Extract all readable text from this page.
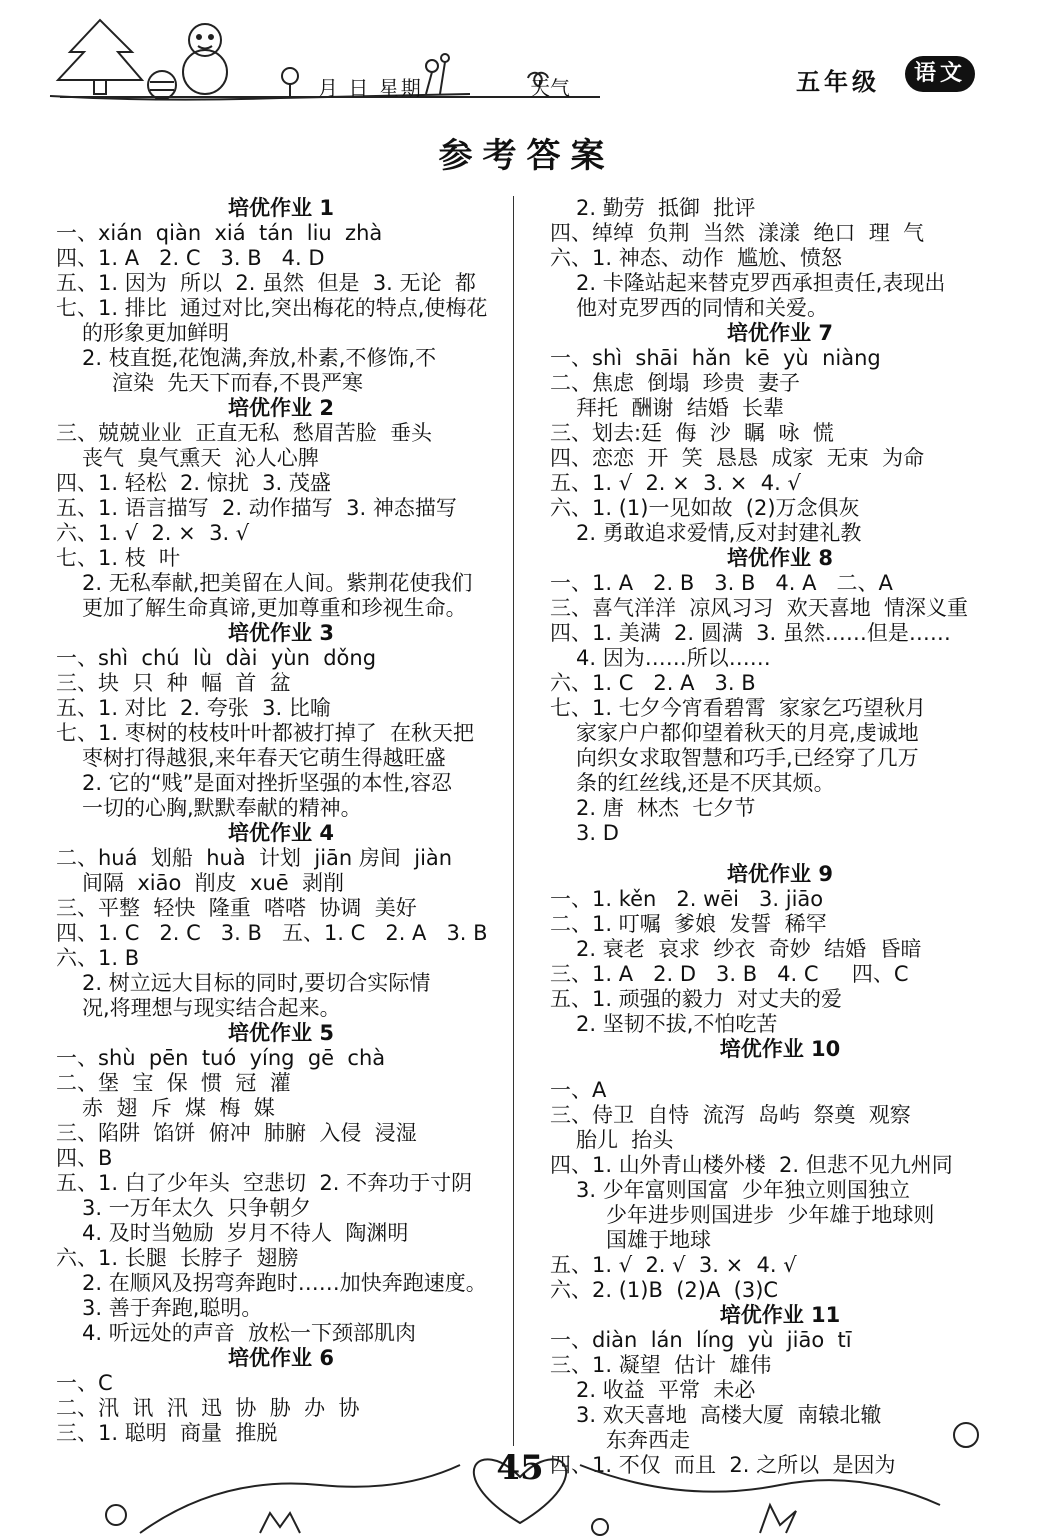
月 日 星期	天气	五年级	语文
参考答案
培优作业 1
一、xián  qiàn  xiá  tán  liu  zhà
四、1. A   2. C   3. B   4. D
五、1. 因为  所以  2. 虽然  但是  3. 无论  都
七、1. 排比  通过对比,突出梅花的特点,使梅花
的形象更加鲜明
2. 枝直挺,花饱满,奔放,朴素,不修饰,不
渲染  先天下而春,不畏严寒
培优作业 2
三、兢兢业业  正直无私  愁眉苦脸  垂头
丧气  臭气熏天  沁人心脾
四、1. 轻松  2. 惊扰  3. 茂盛
五、1. 语言描写  2. 动作描写  3. 神态描写
六、1. √  2. ×  3. √
七、1. 枝  叶
2. 无私奉献,把美留在人间。紫荆花使我们
更加了解生命真谛,更加尊重和珍视生命。
培优作业 3
一、shì  chú  lù  dài  yùn  dǒng
三、块  只  种  幅  首  盆
五、1. 对比  2. 夸张  3. 比喻
七、1. 枣树的枝枝叶叶都被打掉了  在秋天把
枣树打得越狠,来年春天它萌生得越旺盛
2. 它的“贱”是面对挫折坚强的本性,容忍
一切的心胸,默默奉献的精神。
培优作业 4
二、huá  划船  huà  计划  jiān 房间  jiàn
间隔  xiāo  削皮  xuē  剥削
三、平整  轻快  隆重  嗒嗒  协调  美好
四、1. C   2. C   3. B   五、1. C   2. A   3. B
六、1. B
2. 树立远大目标的同时,要切合实际情
况,将理想与现实结合起来。
培优作业 5
一、shù  pēn  tuó  yíng  gē  chà
二、堡  宝  保  惯  冠  灌
赤  翅  斥  煤  梅  媒
三、陷阱  馅饼  俯冲  肺腑  入侵  浸湿
四、B
五、1. 白了少年头  空悲切  2. 不奔功于寸阴
3. 一万年太久  只争朝夕
4. 及时当勉励  岁月不待人  陶渊明
六、1. 长腿  长脖子  翅膀
2. 在顺风及拐弯奔跑时……加快奔跑速度。
3. 善于奔跑,聪明。
4. 听远处的声音  放松一下颈部肌肉
培优作业 6
一、C
二、汛  讯  汛  迅  协  胁  办  协
三、1. 聪明  商量  推脱
2. 勤劳  抵御  批评
四、绰绰  负荆  当然  漾漾  绝口  理  气
六、1. 神态、动作  尴尬、愤怒
2. 卡隆站起来替克罗西承担责任,表现出
他对克罗西的同情和关爱。
培优作业 7
一、shì  shāi  hǎn  kē  yù  niàng
二、焦虑  倒塌  珍贵  妻子
拜托  酬谢  结婚  长辈
三、划去:廷  侮  沙  瞩  咏  慌
四、恋恋  开  笑  恳恳  成家  无束  为命
五、1. √  2. ×  3. ×  4. √
六、1. (1)一见如故  (2)万念俱灰
2. 勇敢追求爱情,反对封建礼教
培优作业 8
一、1. A   2. B   3. B   4. A   二、A
三、喜气洋洋  凉风习习  欢天喜地  情深义重
四、1. 美满  2. 圆满  3. 虽然……但是……
4. 因为……所以……
六、1. C   2. A   3. B
七、1. 七夕今宵看碧霄  家家乞巧望秋月
家家户户都仰望着秋天的月亮,虔诚地
向织女求取智慧和巧手,已经穿了几万
条的红丝线,还是不厌其烦。
2. 唐  林杰  七夕节
3. D
培优作业 9
一、1. kěn   2. wēi   3. jiāo
二、1. 叮嘱  爹娘  发誓  稀罕
2. 衰老  哀求  纱衣  奇妙  结婚  昏暗
三、1. A   2. D   3. B   4. C     四、C
五、1. 顽强的毅力  对丈夫的爱
2. 坚韧不拔,不怕吃苦
培优作业 10
一、A
三、侍卫  自恃  流泻  岛屿  祭奠  观察
胎儿  抬头
四、1. 山外青山楼外楼  2. 但悲不见九州同
3. 少年富则国富  少年独立则国独立
少年进步则国进步  少年雄于地球则
国雄于地球
五、1. √  2. √  3. ×  4. √
六、2. (1)B  (2)A  (3)C
培优作业 11
一、diàn  lán  líng  yù  jiāo  tī
三、1. 凝望  估计  雄伟
2. 收益  平常  未必
3. 欢天喜地  高楼大厦  南辕北辙
东奔西走
四、1. 不仅  而且  2. 之所以  是因为
45
